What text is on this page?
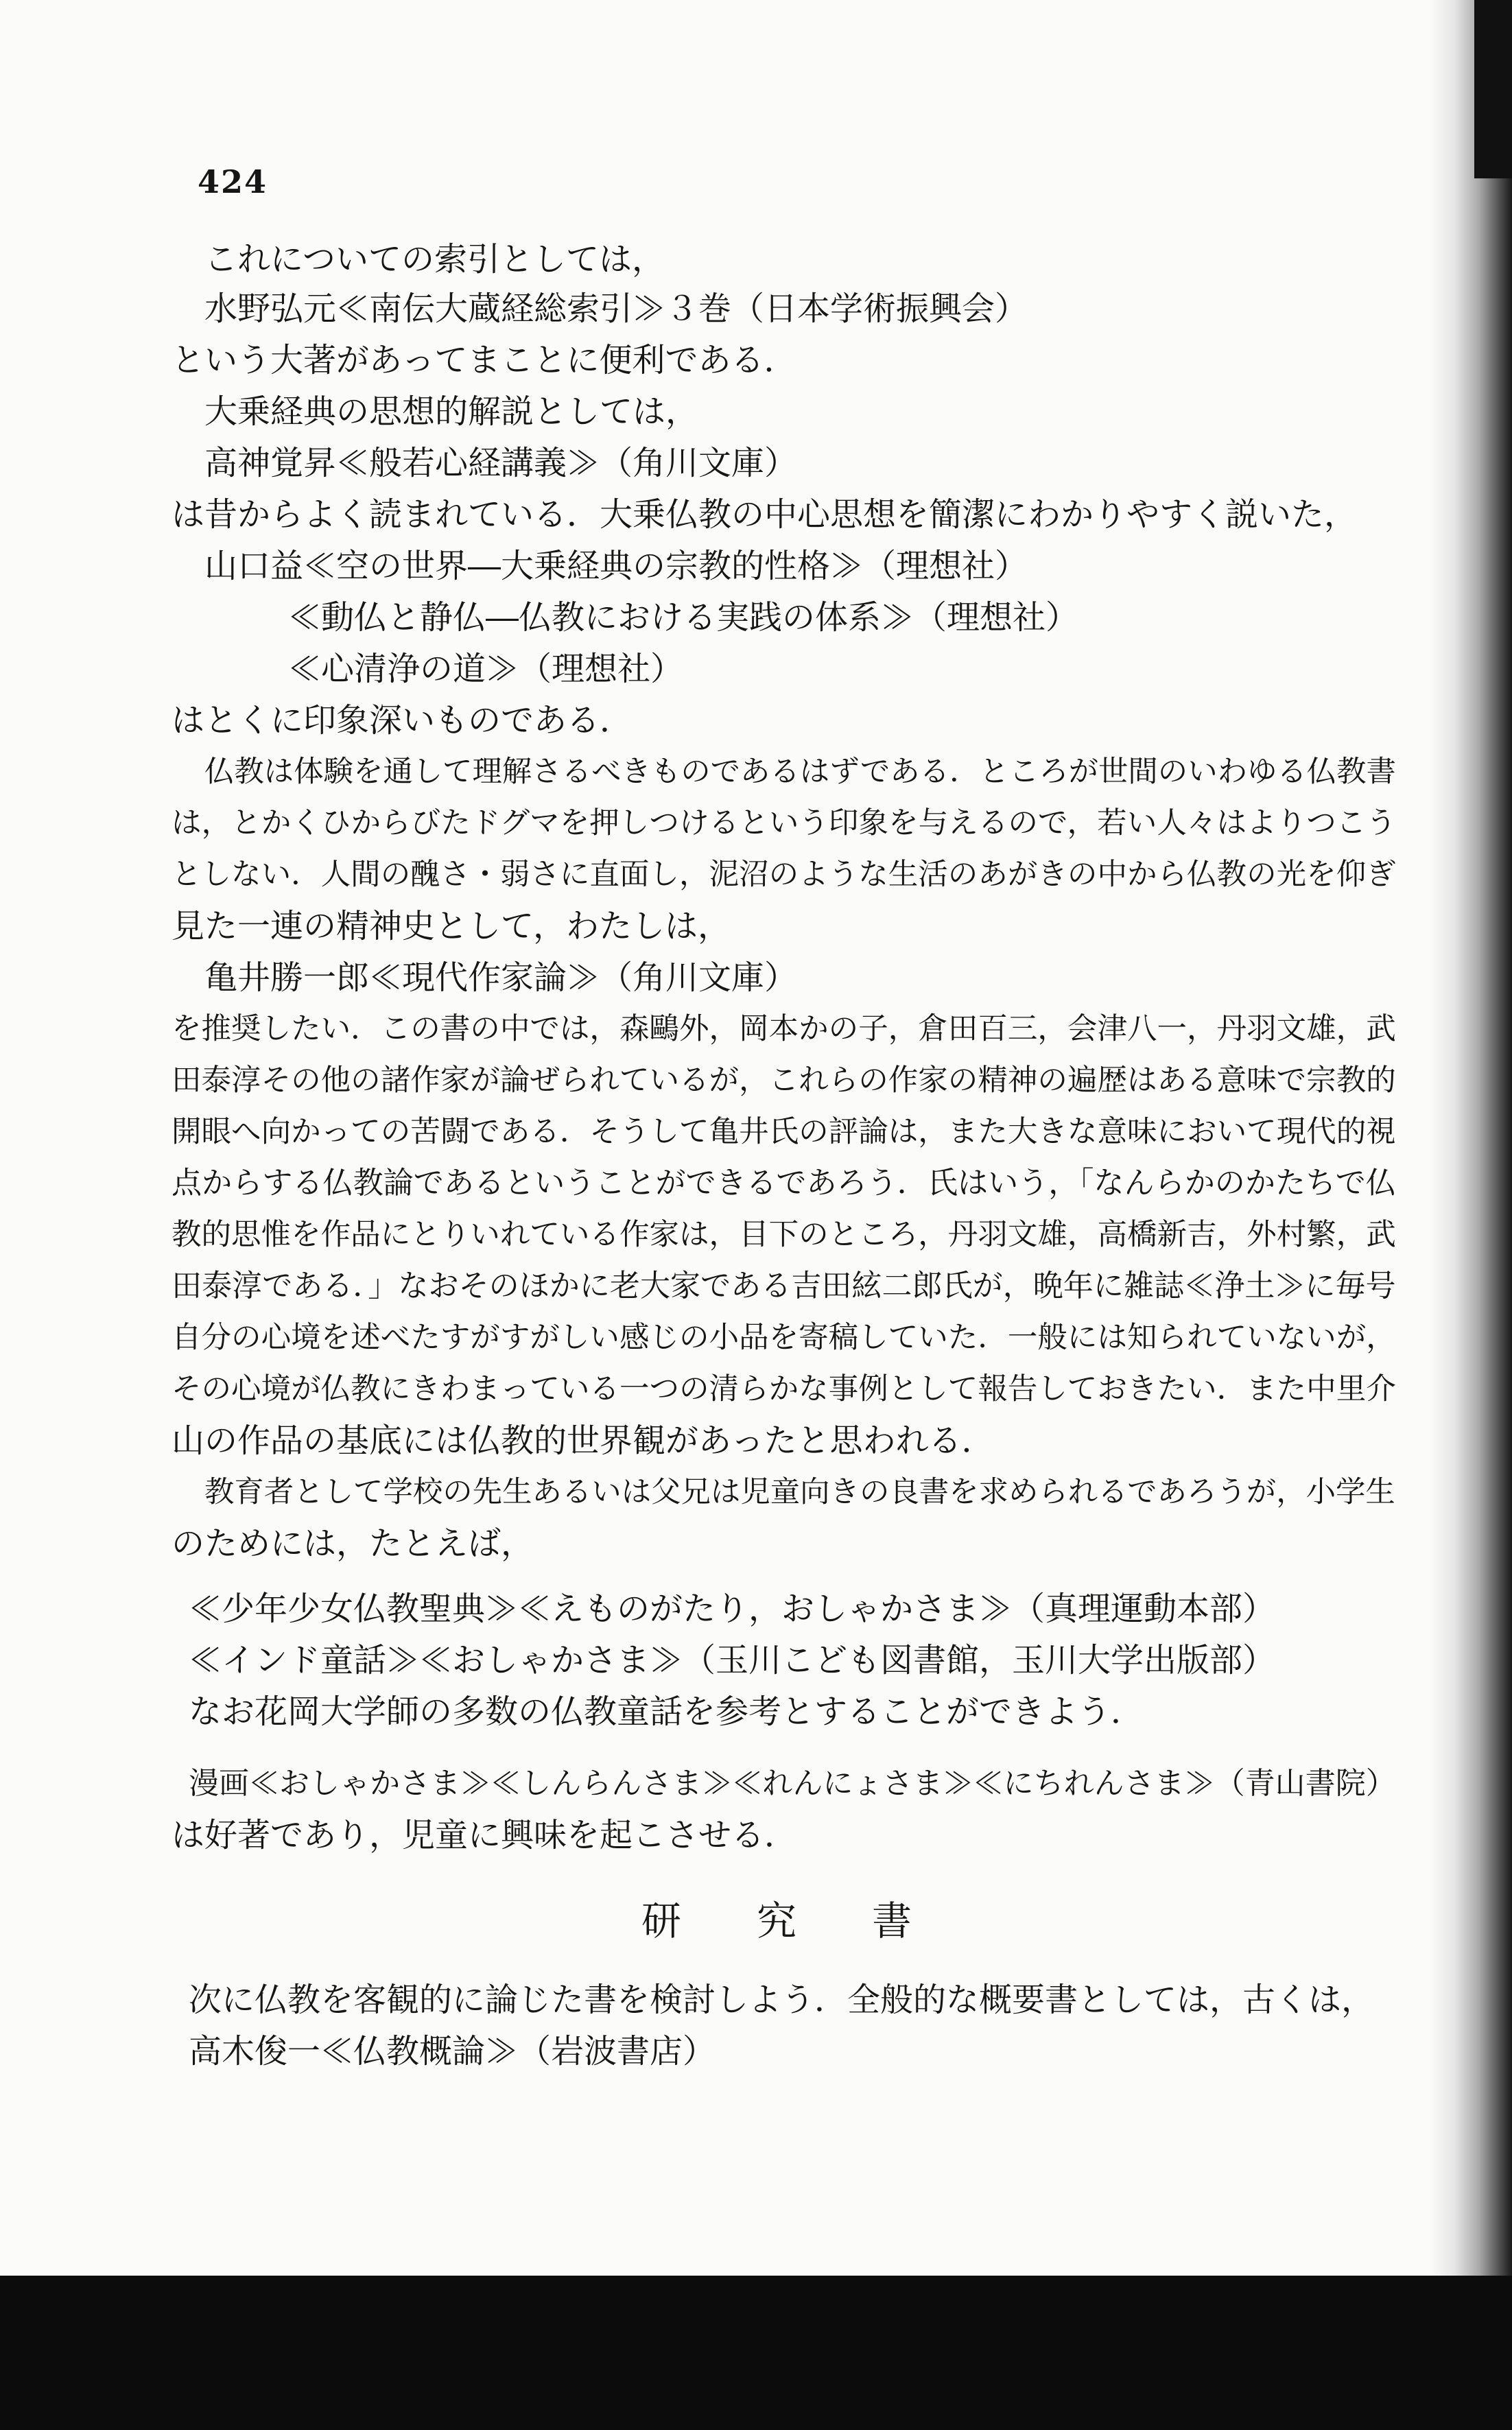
424
これについての索引としては，
水野弘元≪南伝大蔵経総索引≫３巻（日本学術振興会）
という大著があってまことに便利である．
大乗経典の思想的解説としては，
高神覚昇≪般若心経講義≫（角川文庫）
は昔からよく読まれている．大乗仏教の中心思想を簡潔にわかりやすく説いた，
山口益≪空の世界―大乗経典の宗教的性格≫（理想社）
≪動仏と静仏―仏教における実践の体系≫（理想社）
≪心清浄の道≫（理想社）
はとくに印象深いものである．
仏教は体験を通して理解さるべきものであるはずである．ところが世間のいわゆる仏教書
は，とかくひからびたドグマを押しつけるという印象を与えるので，若い人々はよりつこう
としない．人間の醜さ・弱さに直面し，泥沼のような生活のあがきの中から仏教の光を仰ぎ
見た一連の精神史として，わたしは，
亀井勝一郎≪現代作家論≫（角川文庫）
を推奨したい．この書の中では，森鷗外，岡本かの子，倉田百三，会津八一，丹羽文雄，武
田泰淳その他の諸作家が論ぜられているが，これらの作家の精神の遍歴はある意味で宗教的
開眼へ向かっての苦闘である．そうして亀井氏の評論は，また大きな意味において現代的視
点からする仏教論であるということができるであろう．氏はいう，「なんらかのかたちで仏
教的思惟を作品にとりいれている作家は，目下のところ，丹羽文雄，高橋新吉，外村繁，武
田泰淳である．」なおそのほかに老大家である吉田絃二郎氏が，晩年に雑誌≪浄土≫に毎号
自分の心境を述べたすがすがしい感じの小品を寄稿していた．一般には知られていないが，
その心境が仏教にきわまっている一つの清らかな事例として報告しておきたい．また中里介
山の作品の基底には仏教的世界観があったと思われる．
教育者として学校の先生あるいは父兄は児童向きの良書を求められるであろうが，小学生
のためには，たとえば，
≪少年少女仏教聖典≫≪えものがたり，おしゃかさま≫（真理運動本部）
≪インド童話≫≪おしゃかさま≫（玉川こども図書館，玉川大学出版部）
なお花岡大学師の多数の仏教童話を参考とすることができよう．
漫画≪おしゃかさま≫≪しんらんさま≫≪れんにょさま≫≪にちれんさま≫（青山書院）
は好著であり，児童に興味を起こさせる．
研究書
次に仏教を客観的に論じた書を検討しよう．全般的な概要書としては，古くは，
高木俊一≪仏教概論≫（岩波書店）
